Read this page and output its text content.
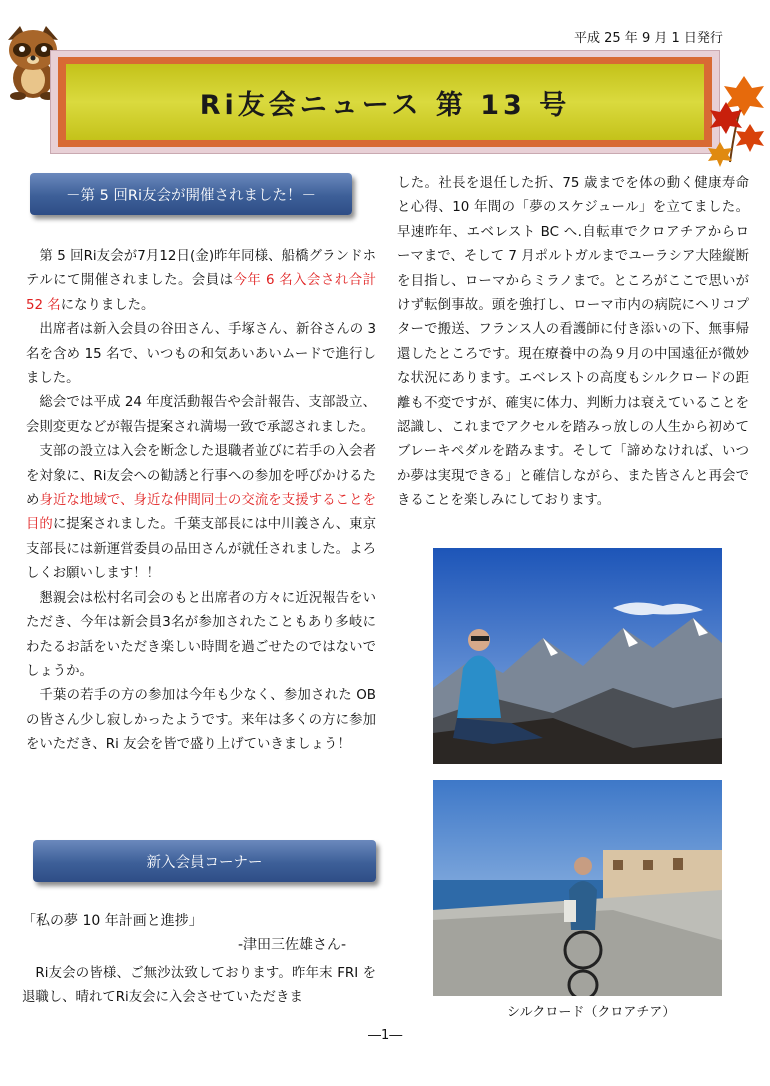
平成 25 年 9 月 1 日発行
Ri友会ニュース 第 13 号
－第 5 回Ri友会が開催されました！－

第 5 回Ri友会が7月12日(金)昨年同様、船橋グランドホテルにて開催されました。会員は今年 6 名入会され合計 52 名になりました。

出席者は新入会員の谷田さん、手塚さん、新谷さんの 3 名を含め 15 名で、いつもの和気あいあいムードで進行しました。

総会では平成 24 年度活動報告や会計報告、支部設立、会則変更などが報告提案され満場一致で承認されました。

支部の設立は入会を断念した退職者並びに若手の入会者を対象に、Ri友会への勧誘と行事への参加を呼びかけるため身近な地域で、身近な仲間同士の交流を支援することを目的に提案されました。千葉支部長には中川義さん、東京支部長には新運営委員の品田さんが就任されました。よろしくお願いします！！

懇親会は松村名司会のもと出席者の方々に近況報告をいただき、今年は新会員3名が参加されたこともあり多岐にわたるお話をいただき楽しい時間を過ごせたのではないでしょうか。

千葉の若手の方の参加は今年も少なく、参加された OB の皆さん少し寂しかったようです。来年は多くの方に参加をいただき、Ri 友会を皆で盛り上げていきましょう！

新入会員コーナー
「私の夢 10 年計画と進捗」
-津田三佐雄さん-

Ri友会の皆様、ご無沙汰致しております。昨年末 FRI を退職し、晴れてRi友会に入会させていただきま

した。社長を退任した折、75 歳までを体の動く健康寿命と心得、10 年間の「夢のスケジュール」を立てました。早速昨年、エベレスト BC へ.自転車でクロアチアからローマまで、そして 7 月ポルトガルまでユーラシア大陸縦断を目指し、ローマからミラノまで。ところがここで思いがけず転倒事故。頭を強打し、ローマ市内の病院にヘリコプターで搬送、フランス人の看護師に付き添いの下、無事帰還したところです。現在療養中の為９月の中国遠征が微妙な状況にあります。エベレストの高度もシルクロードの距離も不変ですが、確実に体力、判断力は衰えていることを認識し、これまでアクセルを踏みっ放しの人生から初めてブレーキペダルを踏みます。そして「諦めなければ、いつか夢は実現できる」と確信しながら、また皆さんと再会できることを楽しみにしております。

シルクロード（クロアチア）
―1―
